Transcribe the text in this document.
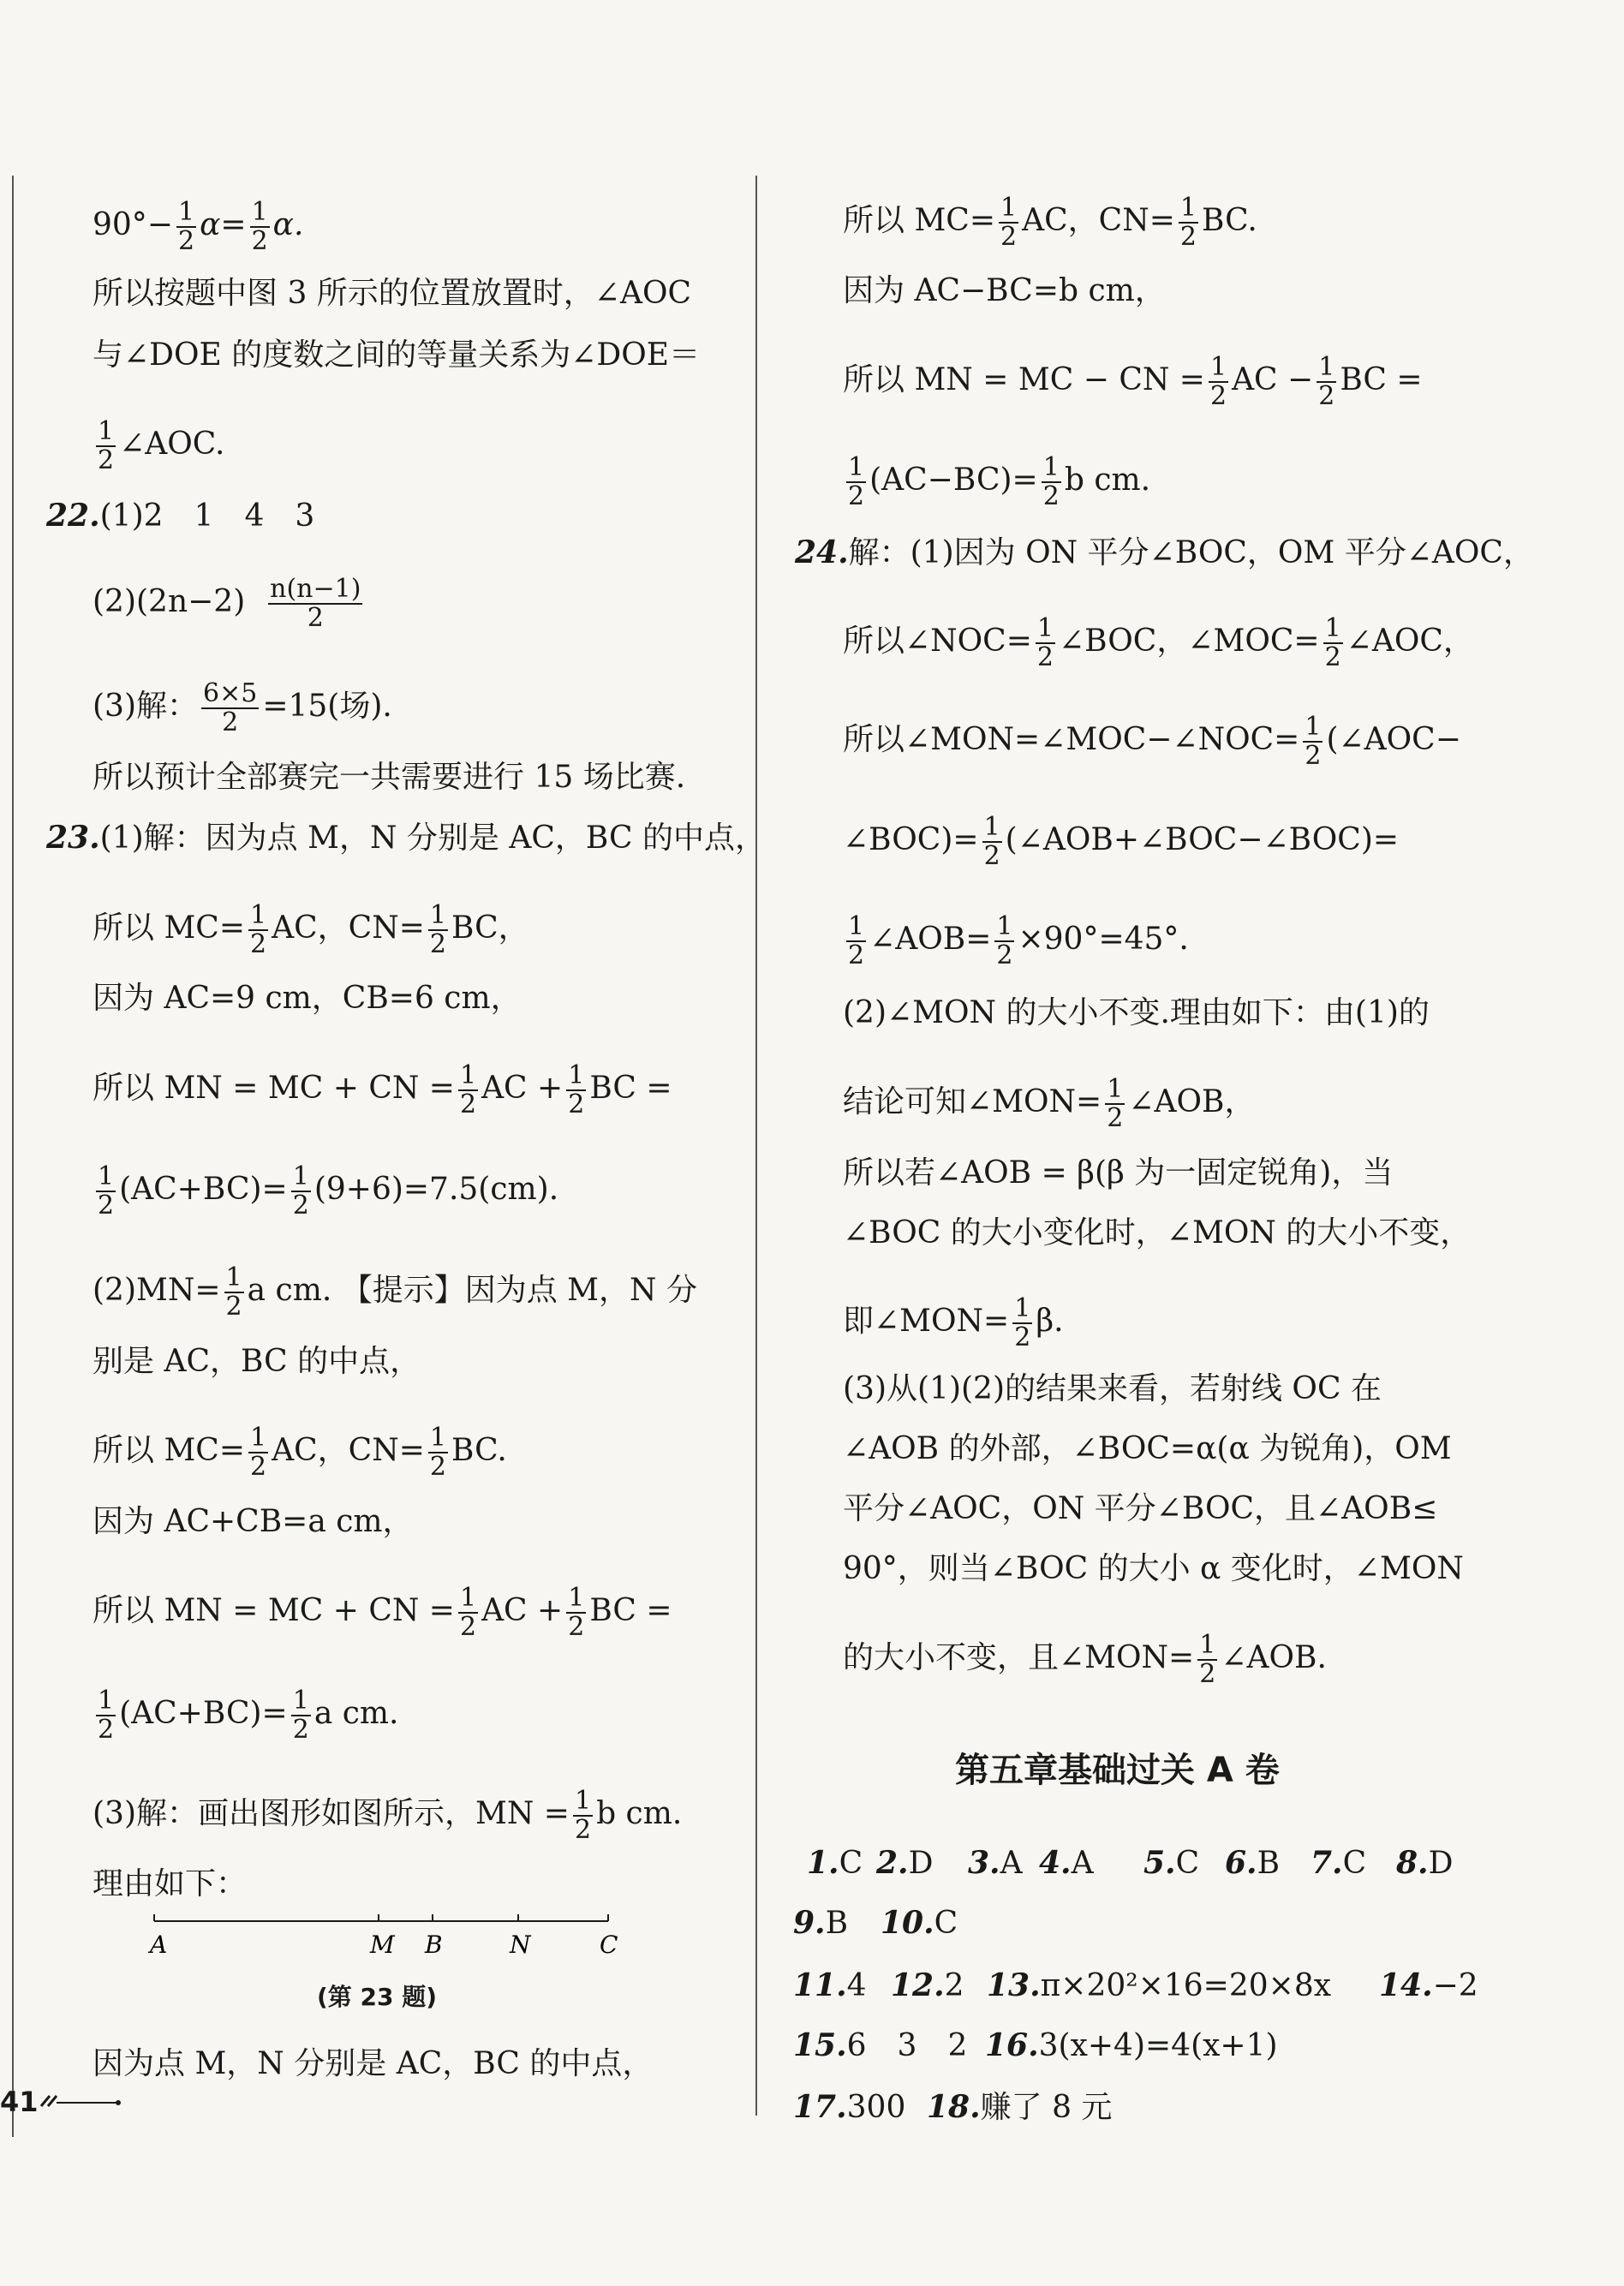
$90^\circ- \frac{1}{2} \alpha= \frac{1}{2} \alpha$.
所以按题中图 3 所示的位置放置时，∠AOC
与∠DOE 的度数之间的等量关系为∠DOE＝
$\frac{1}{2}$ ∠AOC.
22.(1)2　1　4　3
$(2)(2n-2) \frac{n(n-1)}{2}$
(3)解： $\frac{6\times 5}{2} =15$(场).
所以预计全部赛完一共需要进行 15 场比赛.
23.(1)解：因为点 M，N 分别是 AC，BC 的中点，
所以 $MC= \frac{1}{2}$ AC，$CN= \frac{1}{2}$ BC，
因为 AC=9 cm，CB=6 cm，
所以 MN = MC + CN = $\frac{1}{2}$ AC + $\frac{1}{2}$ BC =
$\frac{1}{2} (AC+BC)= \frac{1}{2} (9+6)=7.5(cm)$.
$(2)MN= \frac{1}{2}$ a cm. 【提示】因为点 M，N 分
别是 AC，BC 的中点，
所以 $MC= \frac{1}{2}$ AC，$CN= \frac{1}{2}$ BC.
因为 AC+CB=a cm，
所以 MN = MC + CN = $\frac{1}{2}$ AC + $\frac{1}{2}$ BC =
$\frac{1}{2} (AC+BC)= \frac{1}{2}$ a cm.
(3)解：画出图形如图所示，MN = $\frac{1}{2}$ b cm.
理由如下：
A	M B	N	C
(第 23 题)
因为点 M，N 分别是 AC，BC 的中点，
所以 $MC= \frac{1}{2}$ AC，$CN= \frac{1}{2}$ BC.
因为 AC−BC=b cm，
所以 MN = MC − CN = $\frac{1}{2}$ AC − $\frac{1}{2}$ BC =
$\frac{1}{2} (AC-BC)= \frac{1}{2}$ b cm.
24.解：(1)因为 ON 平分∠BOC，OM 平分∠AOC，
所以∠NOC= $\frac{1}{2}$ ∠BOC，∠MOC= $\frac{1}{2}$ ∠AOC，
所以∠MON=∠MOC−∠NOC= $\frac{1}{2}$ (∠AOC−
∠BOC)= $\frac{1}{2}$ (∠AOB+∠BOC−∠BOC)=
$\frac{1}{2}$ ∠AOB= $\frac{1}{2} \times 90^\circ=45^\circ$.
(2)∠MON 的大小不变.理由如下：由(1)的
结论可知∠MON= $\frac{1}{2}$ ∠AOB，
所以若∠AOB = β(β 为一固定锐角)，当
∠BOC 的大小变化时，∠MON 的大小不变，
即∠MON= $\frac{1}{2} \beta$.
(3)从(1)(2)的结果来看，若射线 OC 在
∠AOB 的外部，∠BOC=α(α 为锐角)，OM
平分∠AOC，ON 平分∠BOC，且∠AOB≤
90°，则当∠BOC 的大小 α 变化时，∠MON
的大小不变，且∠MON= $\frac{1}{2}$ ∠AOB.
第五章基础过关 A 卷
1.C 2.D 3.A 4.A 5.C 6.B 7.C 8.D
9.B 10.C
11.4 12.2 13.π×20²×16=20×8x 14.−2
15.6　3　2 16.3(x+4)=4(x+1)
17.300 18.赚了 8 元
41
